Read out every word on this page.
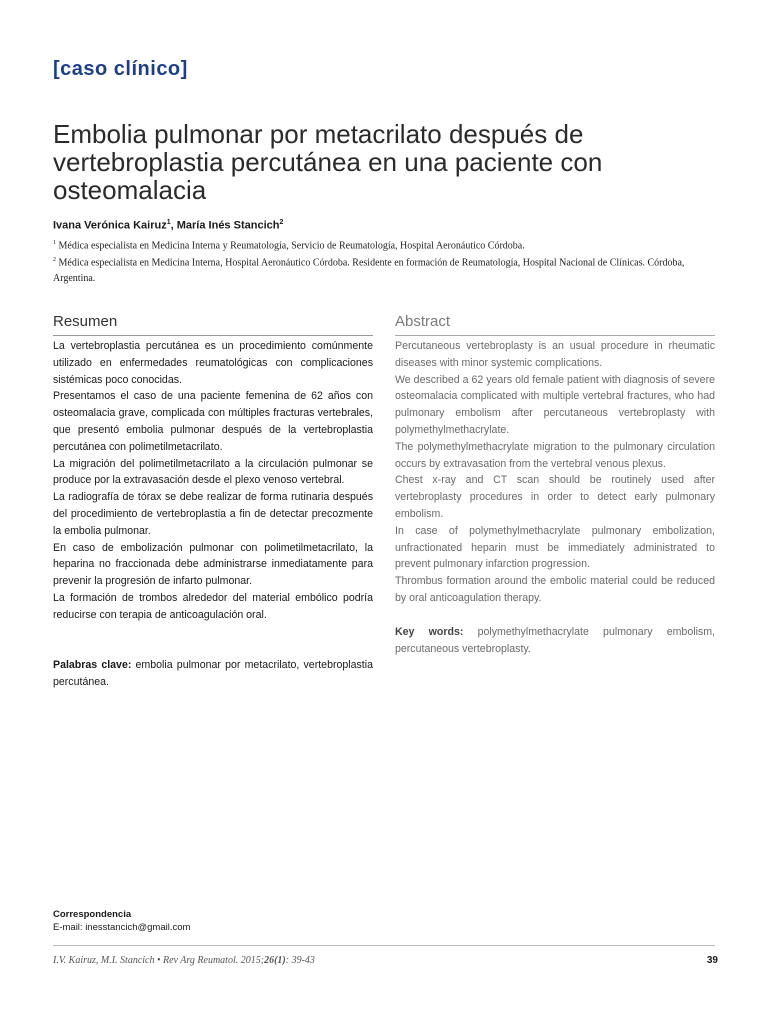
[caso clínico]
Embolia pulmonar por metacrilato después de vertebroplastia percutánea en una paciente con osteomalacia
Ivana Verónica Kairuz$^1$, María Inés Stancich$^2$

$^1$ Médica especialista en Medicina Interna y Reumatología, Servicio de Reumatología, Hospital Aeronáutico Córdoba.

$^2$ Médica especialista en Medicina Interna, Hospital Aeronáutico Córdoba. Residente en formación de Reumatología, Hospital Nacional de Clínicas. Córdoba, Argentina.

Resumen

La vertebroplastia percutánea es un procedimiento comúnmente utilizado en enfermedades reumatológicas con complicaciones sistémicas poco conocidas.

Presentamos el caso de una paciente femenina de 62 años con osteomalacia grave, complicada con múltiples fracturas vertebrales, que presentó embolia pulmonar después de la vertebroplastia percutánea con polimetilmetacrilato.

La migración del polimetilmetacrilato a la circulación pulmonar se produce por la extravasación desde el plexo venoso vertebral.

La radiografía de tórax se debe realizar de forma rutinaria después del procedimiento de vertebroplastia a fin de detectar precozmente la embolia pulmonar.

En caso de embolización pulmonar con polimetilmetacrilato, la heparina no fraccionada debe administrarse inmediatamente para prevenir la progresión de infarto pulmonar.

La formación de trombos alrededor del material embólico podría reducirse con terapia de anticoagulación oral.

Palabras clave: embolia pulmonar por metacrilato, vertebroplastia percutánea.
Abstract

Percutaneous vertebroplasty is an usual procedure in rheumatic diseases with minor systemic complications.

We described a 62 years old female patient with diagnosis of severe osteomalacia complicated with multiple vertebral fractures, who had pulmonary embolism after percutaneous vertebroplasty with polymethylmethacrylate.

The polymethylmethacrylate migration to the pulmonary circulation occurs by extravasation from the vertebral venous plexus.

Chest x-ray and CT scan should be routinely used after vertebroplasty procedures in order to detect early pulmonary embolism.

In case of polymethylmethacrylate pulmonary embolization, unfractionated heparin must be immediately administrated to prevent pulmonary infarction progression.

Thrombus formation around the embolic material could be reduced by oral anticoagulation therapy.

Key words: polymethylmethacrylate pulmonary embolism, percutaneous vertebroplasty.
Correspondencia
E-mail: inesstancich@gmail.com
I.V. Kairuz, M.I. Stancich • Rev Arg Reumatol. 2015;26(1): 39-43	39
